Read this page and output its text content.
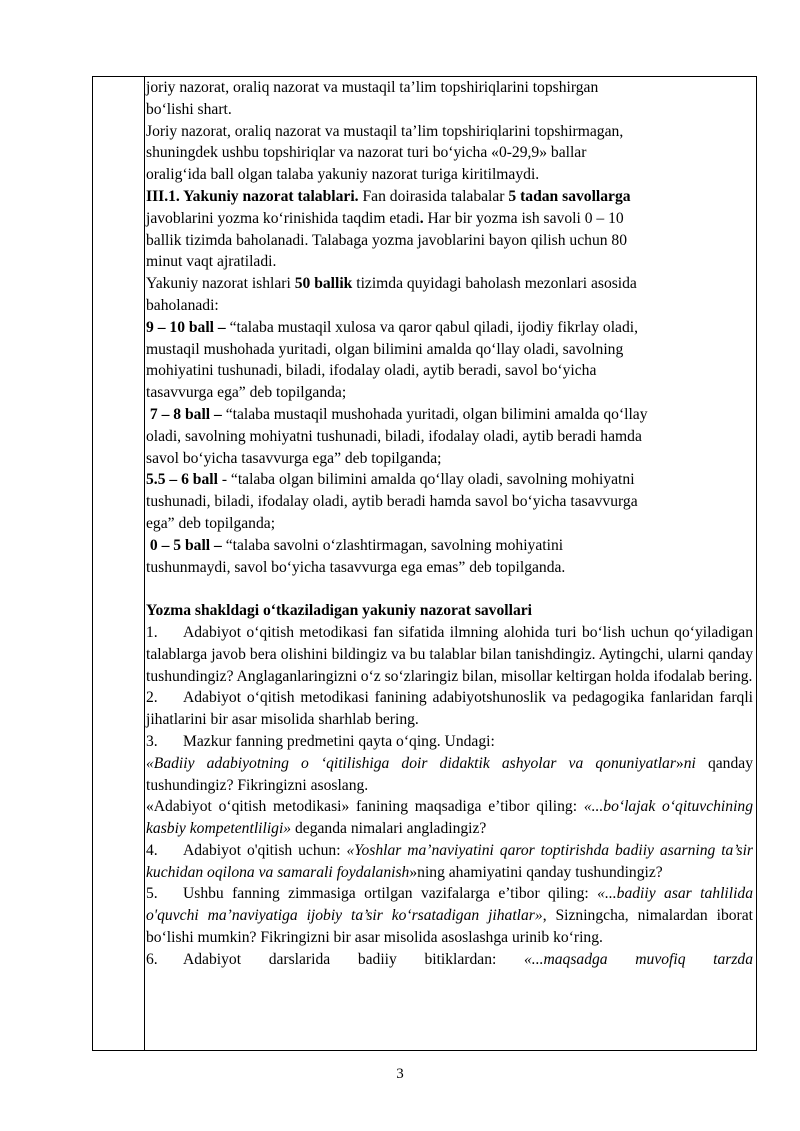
joriy nazorat, oraliq nazorat va mustaqil ta’lim topshiriqlarini topshirgan

bo‘lishi shart.

Joriy nazorat, oraliq nazorat va mustaqil ta’lim topshiriqlarini topshirmagan,

shuningdek ushbu topshiriqlar va nazorat turi bo‘yicha «0-29,9» ballar

oralig‘ida ball olgan talaba yakuniy nazorat turiga kiritilmaydi.

III.1. Yakuniy nazorat talablari. Fan doirasida talabalar 5 tadan savollarga

javoblarini yozma ko‘rinishida taqdim etadi. Har bir yozma ish savoli 0 – 10

ballik tizimda baholanadi. Talabaga yozma javoblarini bayon qilish uchun 80

minut vaqt ajratiladi.

Yakuniy nazorat ishlari 50 ballik tizimda quyidagi baholash mezonlari asosida

baholanadi:

9 – 10 ball – “talaba mustaqil xulosa va qaror qabul qiladi, ijodiy fikrlay oladi,

mustaqil mushohada yuritadi, olgan bilimini amalda qo‘llay oladi, savolning

mohiyatini tushunadi, biladi, ifodalay oladi, aytib beradi, savol bo‘yicha

tasavvurga ega” deb topilganda;

7 – 8 ball – “talaba mustaqil mushohada yuritadi, olgan bilimini amalda qo‘llay

oladi, savolning mohiyatni tushunadi, biladi, ifodalay oladi, aytib beradi hamda

savol bo‘yicha tasavvurga ega” deb topilganda;

5.5 – 6 ball - “talaba olgan bilimini amalda qo‘llay oladi, savolning mohiyatni

tushunadi, biladi, ifodalay oladi, aytib beradi hamda savol bo‘yicha tasavvurga

ega” deb topilganda;

0 – 5 ball – “talaba savolni o‘zlashtirmagan, savolning mohiyatini

tushunmaydi, savol bo‘yicha tasavvurga ega emas” deb topilganda.

Yozma shakldagi o‘tkaziladigan yakuniy nazorat savollari

1. Adabiyot o‘qitish metodikasi fan sifatida ilmning alohida turi bo‘lish uchun qo‘yiladigan talablarga javob bera olishini bildingiz va bu talablar bilan tanishdingiz. Aytingchi, ularni qanday tushundingiz? Anglaganlaringizni o‘z so‘zlaringiz bilan, misollar keltirgan holda ifodalab bering.

2. Adabiyot o‘qitish metodikasi fanining adabiyotshunoslik va pedagogika fanlaridan farqli jihatlarini bir asar misolida sharhlab bering.

3. Mazkur fanning predmetini qayta o‘qing. Undagi:

«Badiiy adabiyotning o ‘qitilishiga doir didaktik ashyolar va qonuniyatlar»ni qanday tushundingiz? Fikringizni asoslang.

«Adabiyot o‘qitish metodikasi» fanining maqsadiga e’tibor qiling: «...bo‘lajak o‘qituvchining kasbiy kompetentliligi» deganda nimalari angladingiz?

4. Adabiyot o'qitish uchun: «Yoshlar ma’naviyatini qaror toptirishda badiiy asarning ta’sir kuchidan oqilona va samarali foydalanish»ning ahamiyatini qanday tushundingiz?

5. Ushbu fanning zimmasiga ortilgan vazifalarga e’tibor qiling: «...badiiy asar tahlilida o'quvchi ma’naviyatiga ijobiy ta’sir ko‘rsatadigan jihatlar», Sizningcha, nimalardan iborat bo‘lishi mumkin? Fikringizni bir asar misolida asoslashga urinib ko‘ring.

6. Adabiyot darslarida badiiy bitiklardan: «...maqsadga muvofiq tarzda

3
